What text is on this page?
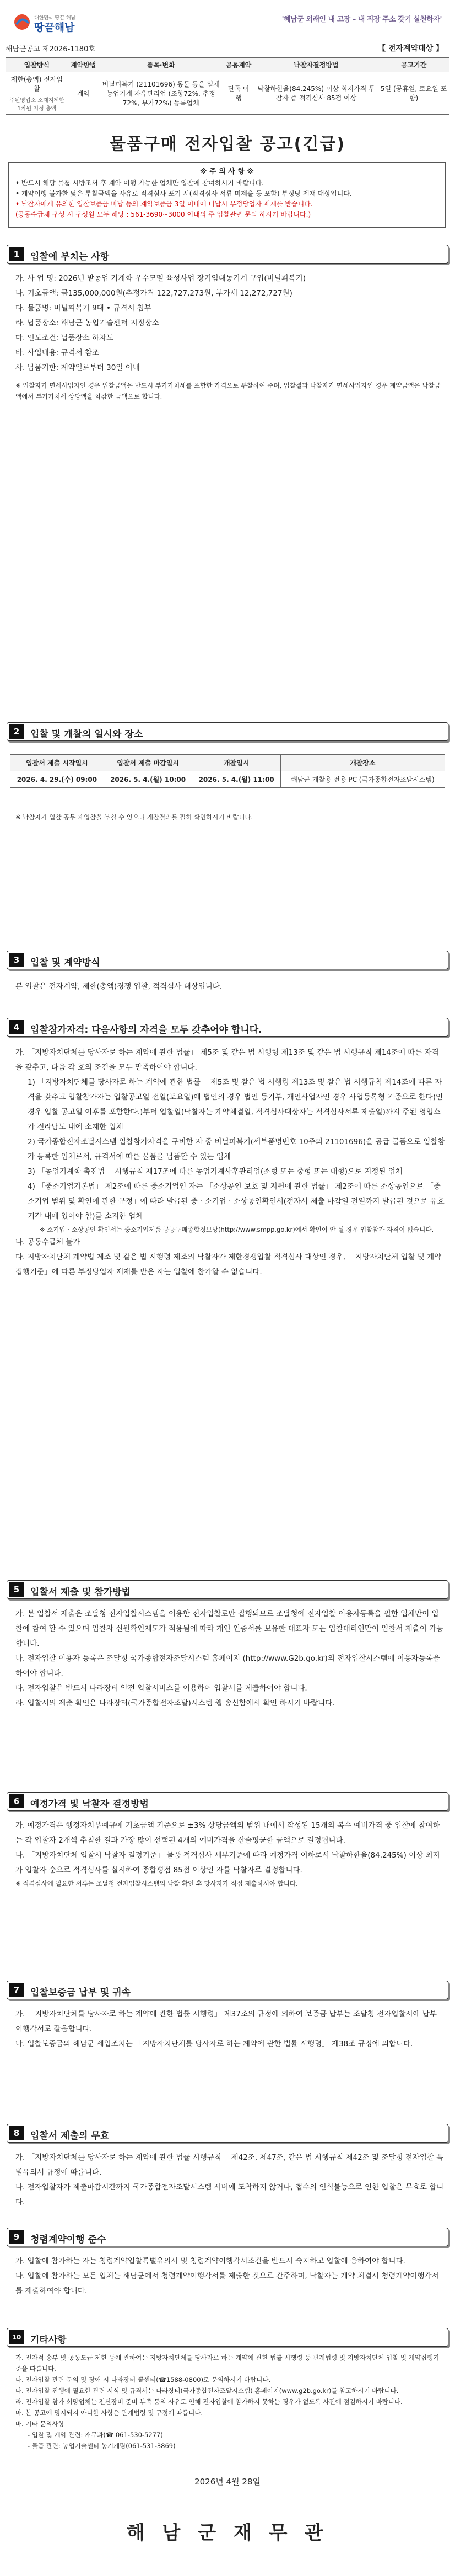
대한민국 땅끝 해남
땅끝해남
'해남군 외래인 내 고장 – 내 직장 주소 갖기 실천하자'
해남군공고 제2026-1180호	【 전자계약대상 】
입찰방식	계약방법	품목·변화	공동계약	낙찰자결정방법	공고기간

제한(총액) 전자입찰
주된영업소 소재지제한 1차원 지정 총액	계약	비닐피복기 (21101696) 동물 등을 일체 농업기계 자유관리업 (조항72%, 추정72%, 부가72%) 등록업체	단독 이행	낙찰하한율(84.245%) 이상 최저가격 투찰자 중 적격심사 85점 이상	5일 (공휴일, 토요일 포함)
물품구매 전자입찰 공고(긴급)
※ 주 의 사 항 ※
• 반드시 해당 물품 시방조서 후 계약 이행 가능한 업체만 입찰에 참여하시기 바랍니다.
• 계약이행 불가한 낮은 투찰금액을 사유로 적격심사 포기 시(적격심사 서류 미제출 등 포함) 부정당 제재 대상입니다.
• 낙찰자에게 유의한 입찰보증금 미납 등의 계약보증금 3일 이내에 미납시 부정당업자 제재를 받습니다.
(공동수급체 구성 시 구성원 모두 해당 : 561-3690~3000 이내의 주 입찰관련 문의 하시기 바랍니다.)
1	입찰에 부치는 사항

가. 사 업 명: 2026년 밭농업 기계화 우수모델 육성사업 장기임대농기계 구입(비닐피복기)

나. 기초금액: 금135,000,000원(추정가격 122,727,273원, 부가세 12,272,727원)

다. 물품명: 비닐피복기 9대 • 규격서 첨부

라. 납품장소: 해남군 농업기술센터 지정장소

마. 인도조건: 납품장소 하차도

바. 사업내용: 규격서 참조

사. 납품기한: 계약일로부터 30일 이내

※ 입찰자가 면세사업자인 경우 입찰금액은 반드시 부가가치세를 포함한 가격으로 투찰하여 주며, 입찰결과 낙찰자가 면세사업자인 경우 계약금액은 낙찰금액에서 부가가치세 상당액을 차감한 금액으로 합니다.

2	입찰 및 개찰의 일시와 장소
입찰서 제출 시작일시	입찰서 제출 마감일시	개찰일시	개찰장소
2026. 4. 29.(수) 09:00	2026. 5. 4.(월) 10:00	2026. 5. 4.(월) 11:00	해남군 개찰용 전용 PC (국가종합전자조달시스템)
※ 낙찰자가 입찰 공무 재입찰을 부칠 수 있으니 개찰결과를 필히 확인하시기 바랍니다.
3	입찰 및 계약방식
본 입찰은 전자계약, 제한(총액)경쟁 입찰, 적격심사 대상입니다.
4	입찰참가자격: 다음사항의 자격을 모두 갖추어야 합니다.

가. 「지방자치단체를 당사자로 하는 계약에 관한 법률」 제5조 및 같은 법 시행령 제13조 및 같은 법 시행규칙 제14조에 따른 자격을 갖추고, 다음 각 호의 조건을 모두 만족하여야 합니다.

1) 「지방자치단체를 당사자로 하는 계약에 관한 법률」 제5조 및 같은 법 시행령 제13조 및 같은 법 시행규칙 제14조에 따른 자격을 갖추고 입찰참가자는 입찰공고일 전일(토요일)에 법인의 경우 법인 등기부, 개인사업자인 경우 사업등록형 기준으로 한다)인 경우 입찰 공고일 이후를 포함한다.)부터 입찰일(낙찰자는 계약체결일, 적격심사대상자는 적격심사서류 제출일)까지 주된 영업소가 전라남도 내에 소재한 업체

2) 국가종합전자조달시스템 입찰참가자격을 구비한 자 중 비닐피복기(세부품명번호 10주의 21101696)을 공급 물품으로 입찰참가 등록한 업체로서, 규격서에 따른 물품을 납품할 수 있는 업체

3) 「농업기계화 촉진법」 시행규칙 제17조에 따른 농업기계사후관리업(소형 또는 중형 또는 대형)으로 지정된 업체

4) 「중소기업기본법」 제2조에 따른 중소기업인 자는 「소상공인 보호 및 지원에 관한 법률」 제2조에 따른 소상공인으로 「중소기업 범위 및 확인에 관한 규정」에 따라 발급된 중 · 소기업 · 소상공인확인서(전자서 제출 마감일 전일까지 발급된 것으로 유효기간 내에 있어야 함)를 소지한 업체

※ 소기업 · 소상공인 확인서는 중소기업제품 공공구매종합정보망(http://www.smpp.go.kr)에서 확인이 안 될 경우 입찰참가 자격이 없습니다.

나. 공동수급체 불가

다. 지방자치단체 계약법 제조 및 같은 법 시행령 제조의 낙찰자가 제한경쟁입찰 적격심사 대상인 경우, 「지방자치단체 입찰 및 계약 집행기준」에 따른 부정당업자 제재를 받은 자는 입찰에 참가할 수 없습니다.

5	입찰서 제출 및 참가방법

가. 본 입찰서 제출은 조달청 전자입찰시스템을 이용한 전자입찰로만 집행되므로 조달청에 전자입찰 이용자등록을 필한 업체만이 입찰에 참여 할 수 있으며 입찰자 신원확인제도가 적용됨에 따라 개인 인증서를 보유한 대표자 또는 입찰대리인만이 입찰서 제출이 가능합니다.

나. 전자입찰 이용자 등록은 조달청 국가종합전자조달시스템 홈페이지 (http://www.G2b.go.kr)의 전자입찰시스템에 이용자등록을 하여야 합니다.

다. 전자입찰은 반드시 나라장터 안전 입찰서비스를 이용하여 입찰서를 제출하여야 합니다.

라. 입찰서의 제출 확인은 나라장터(국가종합전자조달)시스템 웹 송신함에서 확인 하시기 바랍니다.

6	예정가격 및 낙찰자 결정방법

가. 예정가격은 행정자치부예규에 기초금액 기준으로 ±3% 상당금액의 범위 내에서 작성된 15개의 복수 예비가격 중 입찰에 참여하는 각 입찰자 2개씩 추첨한 결과 가장 많이 선택된 4개의 예비가격을 산술평균한 금액으로 결정됩니다.

나. 「지방자치단체 입찰시 낙찰자 결정기준」 물품 적격심사 세부기준에 따라 예정가격 이하로서 낙찰하한율(84.245%) 이상 최저가 입찰자 순으로 적격심사를 실시하여 종합평점 85점 이상인 자를 낙찰자로 결정합니다.

※ 적격심사에 필요한 서류는 조달청 전자입찰시스템의 낙찰 확인 후 당사자가 직접 제출하셔야 합니다.

7	입찰보증금 납부 및 귀속

가. 「지방자치단체를 당사자로 하는 계약에 관한 법률 시행령」 제37조의 규정에 의하여 보증금 납부는 조달청 전자입찰서에 납부 이행각서로 갈음합니다.

나. 입찰보증금의 해남군 세입조치는 「지방자치단체를 당사자로 하는 계약에 관한 법률 시행령」 제38조 규정에 의합니다.

8	입찰서 제출의 무효

가. 「지방자치단체를 당사자로 하는 계약에 관한 법률 시행규칙」 제42조, 제47조, 같은 법 시행규칙 제42조 및 조달청 전자입찰 특별유의서 규정에 따릅니다.

나. 전자입찰자가 제출마감시간까지 국가종합전자조달시스템 서버에 도착하지 않거나, 접수의 인식불능으로 인한 입찰은 무효로 합니다.

9	청렴계약이행 준수

가. 입찰에 참가하는 자는 청렴계약입찰특별유의서 및 청렴계약이행각서조건을 반드시 숙지하고 입찰에 응하여야 합니다.

나. 입찰에 참가하는 모든 업체는 해남군에서 청렴계약이행각서를 제출한 것으로 간주하며, 낙찰자는 계약 체결시 청렴계약이행각서를 제출하여야 합니다.

10 기타사항

가. 전자적 송부 및 공동도급 제한 등에 관하여는 지방자치단체를 당사자로 하는 계약에 관한 법률 시행령 등 관계법령 및 지방자치단체 입찰 및 계약집행기준을 따릅니다.

나. 전자입찰 관련 문의 및 장애 시 나라장터 콜센터(☎1588-0800)로 문의하시기 바랍니다.

다. 전자입찰 진행에 필요한 관련 서식 및 규격서는 나라장터(국가종합전자조달시스템) 홈페이지(www.g2b.go.kr)를 참고하시기 바랍니다.

라. 전자입찰 참가 희망업체는 전산장비 준비 부족 등의 사유로 인해 전자입찰에 참가하지 못하는 경우가 없도록 사전에 점검하시기 바랍니다.

마. 본 공고에 명시되지 아니한 사항은 관계법령 및 규정에 따릅니다.

바. 기타 문의사항

- 입찰 및 계약 관련: 재무과(☎ 061-530-5277)

- 물품 관련: 농업기술센터 농기계팀(061-531-3869)

2026년 4월 28일
해 남 군 재 무 관
